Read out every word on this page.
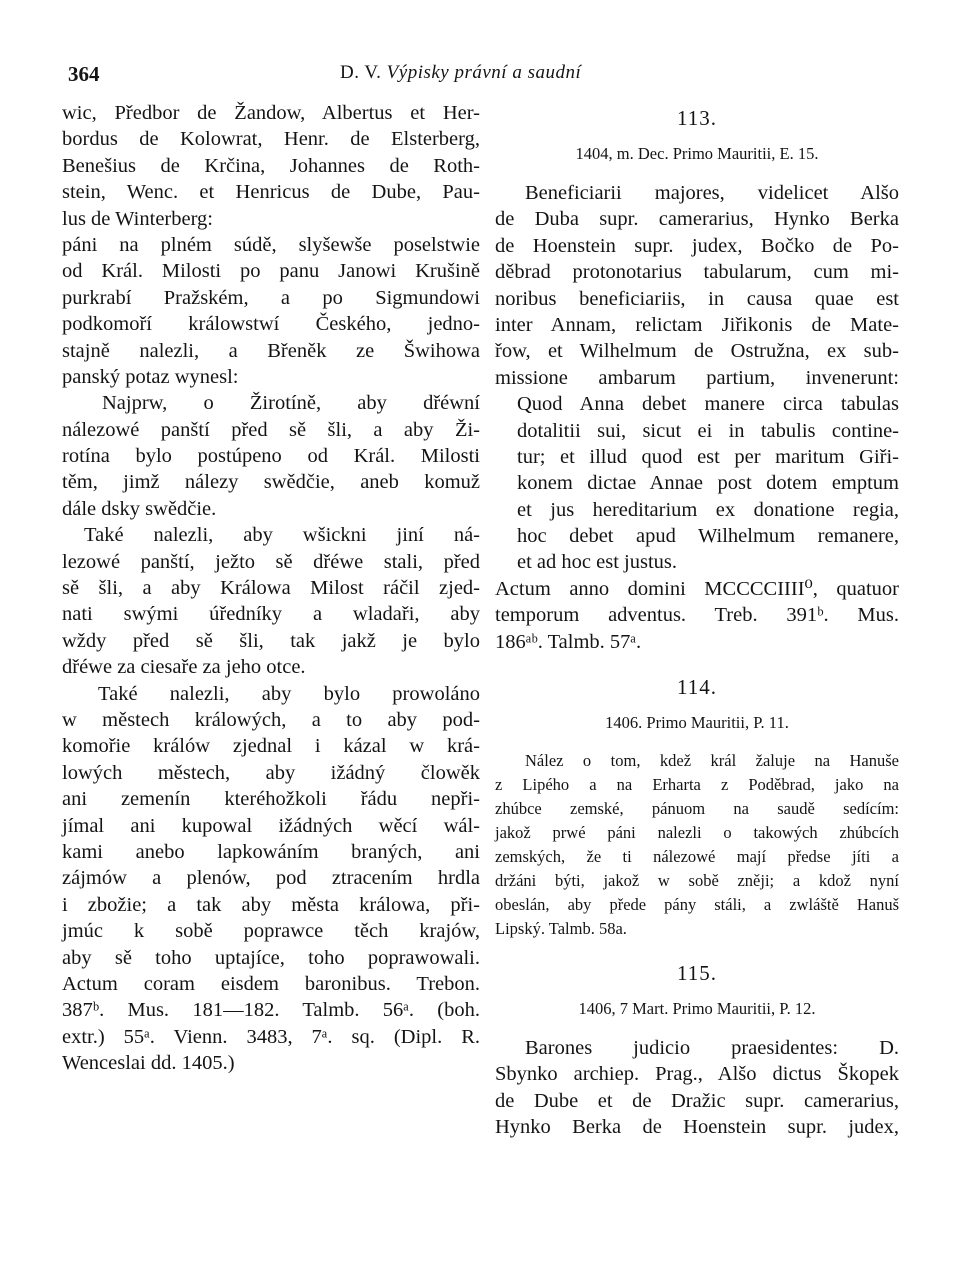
364	D. V. Výpisky právní a saudní
wic, Předbor de Žandow, Albertus et Her-
bordus de Kolowrat, Henr. de Elsterberg,
Benešius de Krčina, Johannes de Roth-
stein, Wenc. et Henricus de Dube, Pau-
lus de Winterberg:
páni na plném súdě, slyšewše poselstwie
od Král. Milosti po panu Janowi Krušině
purkrabí Pražském, a po Sigmundowi
podkomoří králowstwí Českého, jedno-
stajně nalezli, a Břeněk ze Šwihowa
panský potaz wynesl:
Najprw, o Žirotíně, aby dřéwní
nálezowé panští před sě šli, a aby Ži-
rotína bylo postúpeno od Král. Milosti
těm, jimž nálezy swědčie, aneb komuž
dále dsky swědčie.
Také nalezli, aby wšickni jiní ná-
lezowé panští, ježto sě dřéwe stali, před
sě šli, a aby Králowa Milost ráčil zjed-
nati swými úředníky a wladaři, aby
wždy před sě šli, tak jakž je bylo
dřéwe za ciesaře za jeho otce.
Také nalezli, aby bylo prowoláno
w městech králowých, a to aby pod-
komořie králów zjednal i kázal w krá-
lowých městech, aby ižádný člowěk
ani zemenín kteréhožkoli řádu nepři-
jímal ani kupowal ižádných wěcí wál-
kami anebo lapkowáním braných, ani
zájmów a plenów, pod ztracením hrdla
i zbožie; a tak aby města králowa, při-
jmúc k sobě poprawce těch krajów,
aby sě toho uptajíce, toho poprawowali.
Actum coram eisdem baronibus. Trebon.
387ᵇ. Mus. 181—182. Talmb. 56ᵃ. (boh.
extr.) 55ᵃ. Vienn. 3483, 7ᵃ. sq. (Dipl. R.
Wenceslai dd. 1405.)
113.
1404, m. Dec. Primo Mauritii, E. 15.
Beneficiarii majores, videlicet Alšo
de Duba supr. camerarius, Hynko Berka
de Hoenstein supr. judex, Bočko de Po-
děbrad protonotarius tabularum, cum mi-
noribus beneficiariis, in causa quae est
inter Annam, relictam Jiřikonis de Mate-
řow, et Wilhelmum de Ostružna, ex sub-
missione ambarum partium, invenerunt:
Quod Anna debet manere circa tabulas
dotalitii sui, sicut ei in tabulis contine-
tur; et illud quod est per maritum Giři-
konem dictae Annae post dotem emptum
et jus hereditarium ex donatione regia,
hoc debet apud Wilhelmum remanere,
et ad hoc est justus.
Actum anno domini MCCCCIIII⁰, quatuor
temporum adventus. Treb. 391ᵇ. Mus.
186ᵃᵇ. Talmb. 57ᵃ.
114.
1406. Primo Mauritii, P. 11.
Nález o tom, kdež král žaluje na Hanuše
z Lipého a na Erharta z Poděbrad, jako na
zhúbce zemské, pánuom na saudě sedícím:
jakož prwé páni nalezli o takowých zhúbcích
zemských, že ti nálezowé mají předse jíti a
držáni býti, jakož w sobě zněji; a kdož nyní
obeslán, aby přede pány stáli, a zwláště Hanuš
Lipský. Talmb. 58a.
115.
1406, 7 Mart. Primo Mauritii, P. 12.
Barones judicio praesidentes: D.
Sbynko archiep. Prag., Alšo dictus Škopek
de Dube et de Dražic supr. camerarius,
Hynko Berka de Hoenstein supr. judex,
